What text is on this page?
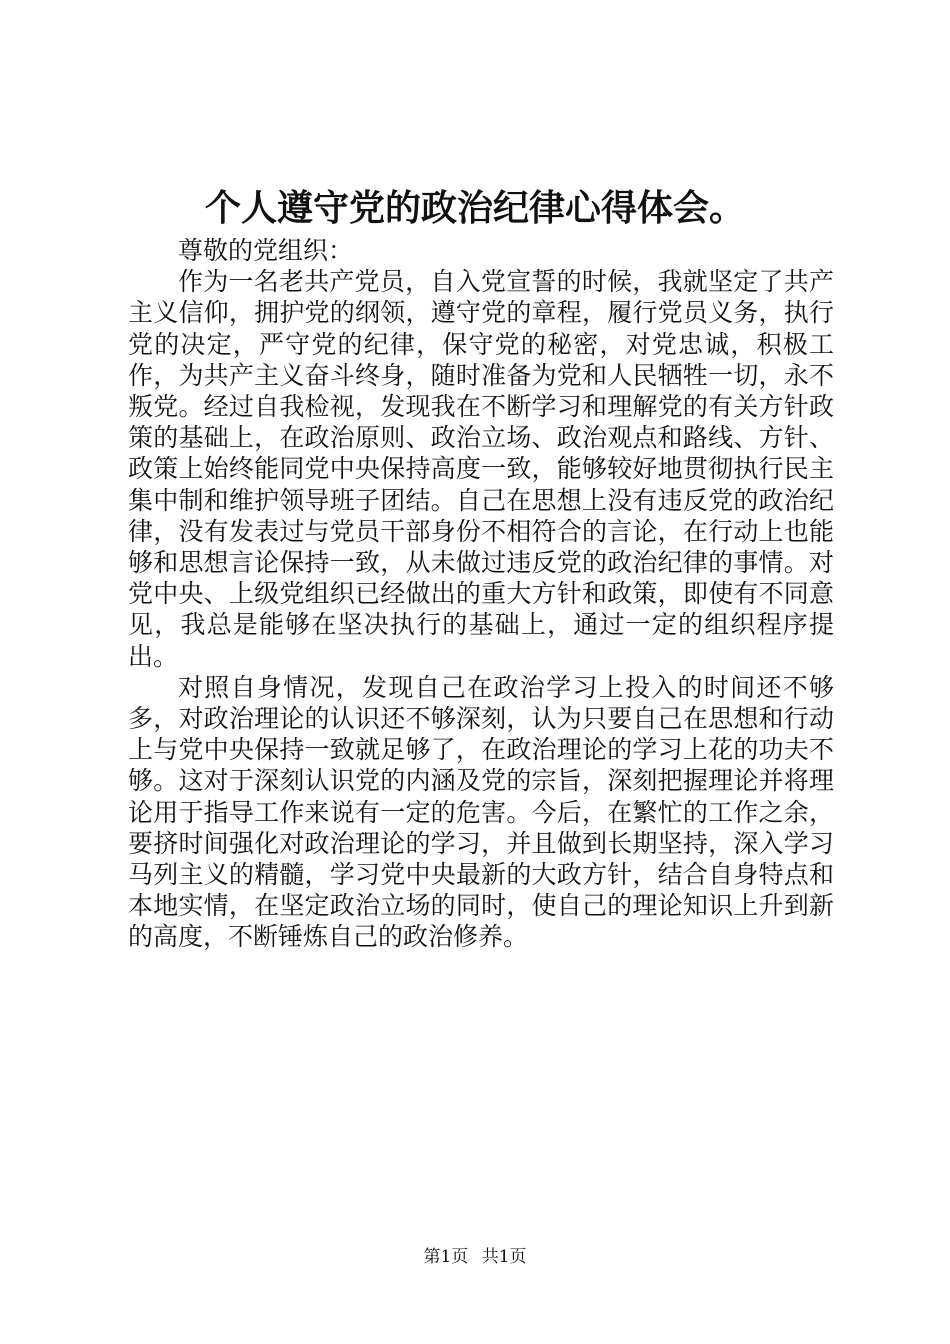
个人遵守党的政治纪律心得体会。

尊敬的党组织：

作为一名老共产党员，自入党宣誓的时候，我就坚定了共产主义信仰，拥护党的纲领，遵守党的章程，履行党员义务，执行党的决定，严守党的纪律，保守党的秘密，对党忠诚，积极工作，为共产主义奋斗终身，随时准备为党和人民牺牲一切，永不叛党。经过自我检视，发现我在不断学习和理解党的有关方针政策的基础上，在政治原则、政治立场、政治观点和路线、方针、政策上始终能同党中央保持高度一致，能够较好地贯彻执行民主集中制和维护领导班子团结。自己在思想上没有违反党的政治纪律，没有发表过与党员干部身份不相符合的言论，在行动上也能够和思想言论保持一致，从未做过违反党的政治纪律的事情。对党中央、上级党组织已经做出的重大方针和政策，即使有不同意见，我总是能够在坚决执行的基础上，通过一定的组织程序提出。

对照自身情况，发现自己在政治学习上投入的时间还不够多，对政治理论的认识还不够深刻，认为只要自己在思想和行动上与党中央保持一致就足够了，在政治理论的学习上花的功夫不够。这对于深刻认识党的内涵及党的宗旨，深刻把握理论并将理论用于指导工作来说有一定的危害。今后，在繁忙的工作之余，要挤时间强化对政治理论的学习，并且做到长期坚持，深入学习马列主义的精髓，学习党中央最新的大政方针，结合自身特点和本地实情，在坚定政治立场的同时，使自己的理论知识上升到新的高度，不断锤炼自己的政治修养。

第1页 共1页
